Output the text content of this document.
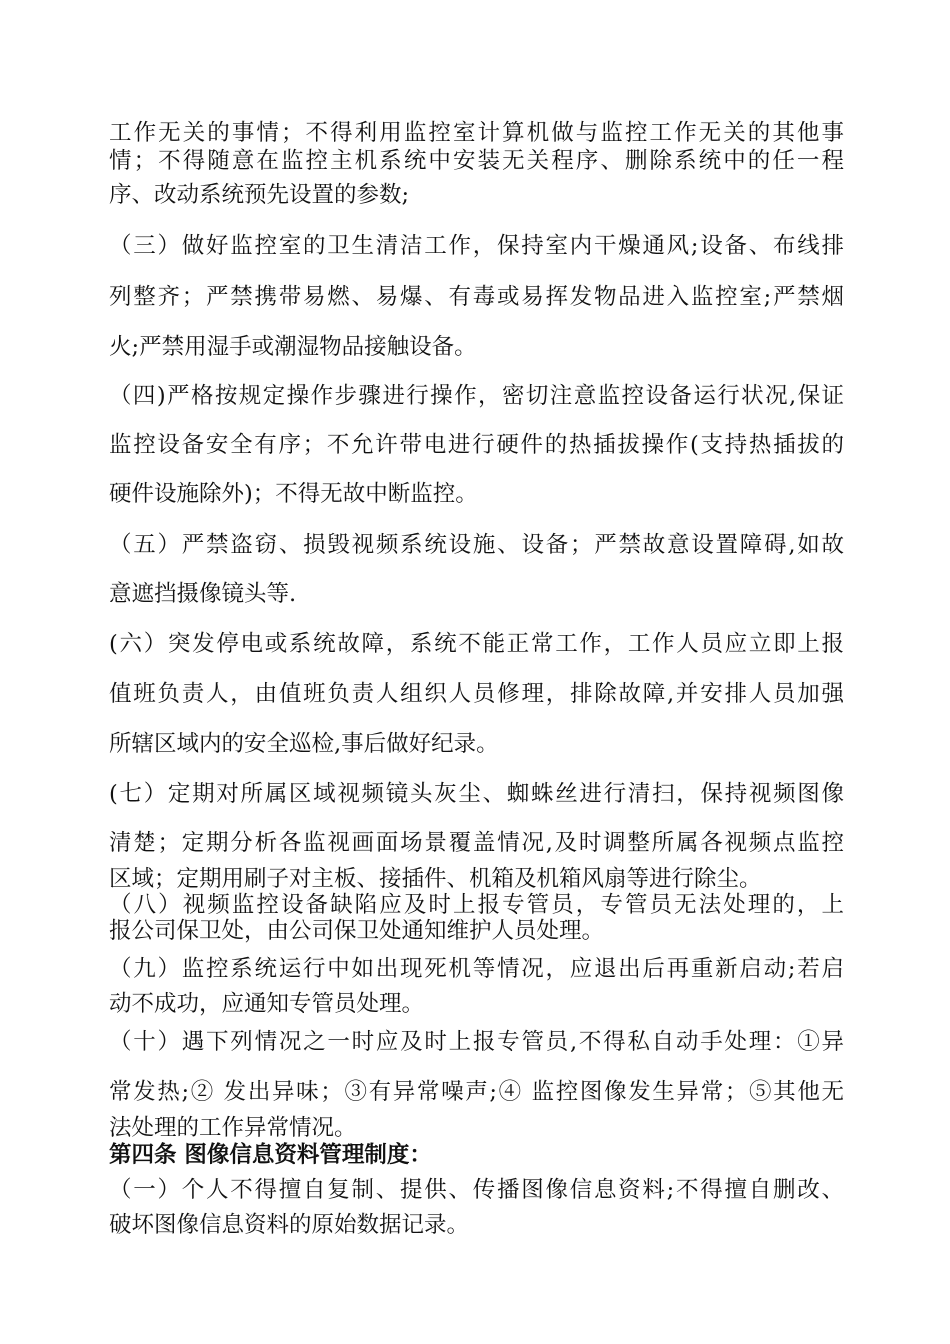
工作无关的事情；不得利用监控室计算机做与监控工作无关的其他事
情；不得随意在监控主机系统中安装无关程序、删除系统中的任一程
序、改动系统预先设置的参数;
（三）做好监控室的卫生清洁工作，保持室内干燥通风;设备、布线排
列整齐；严禁携带易燃、易爆、有毒或易挥发物品进入监控室;严禁烟
火;严禁用湿手或潮湿物品接触设备。
（四)严格按规定操作步骤进行操作，密切注意监控设备运行状况,保证
监控设备安全有序；不允许带电进行硬件的热插拔操作(支持热插拔的
硬件设施除外)；不得无故中断监控。
（五）严禁盗窃、损毁视频系统设施、设备；严禁故意设置障碍,如故
意遮挡摄像镜头等.
(六）突发停电或系统故障，系统不能正常工作，工作人员应立即上报
值班负责人，由值班负责人组织人员修理，排除故障,并安排人员加强
所辖区域内的安全巡检,事后做好纪录。
(七）定期对所属区域视频镜头灰尘、蜘蛛丝进行清扫，保持视频图像
清楚；定期分析各监视画面场景覆盖情况,及时调整所属各视频点监控
区域；定期用刷子对主板、接插件、机箱及机箱风扇等进行除尘。
（八）视频监控设备缺陷应及时上报专管员，专管员无法处理的，上
报公司保卫处，由公司保卫处通知维护人员处理。
（九）监控系统运行中如出现死机等情况，应退出后再重新启动;若启
动不成功，应通知专管员处理。
（十）遇下列情况之一时应及时上报专管员,不得私自动手处理：①异
常发热;② 发出异味；③有异常噪声;④ 监控图像发生异常；⑤其他无
法处理的工作异常情况。
第四条 图像信息资料管理制度：
（一）个人不得擅自复制、提供、传播图像信息资料;不得擅自删改、
破坏图像信息资料的原始数据记录。
